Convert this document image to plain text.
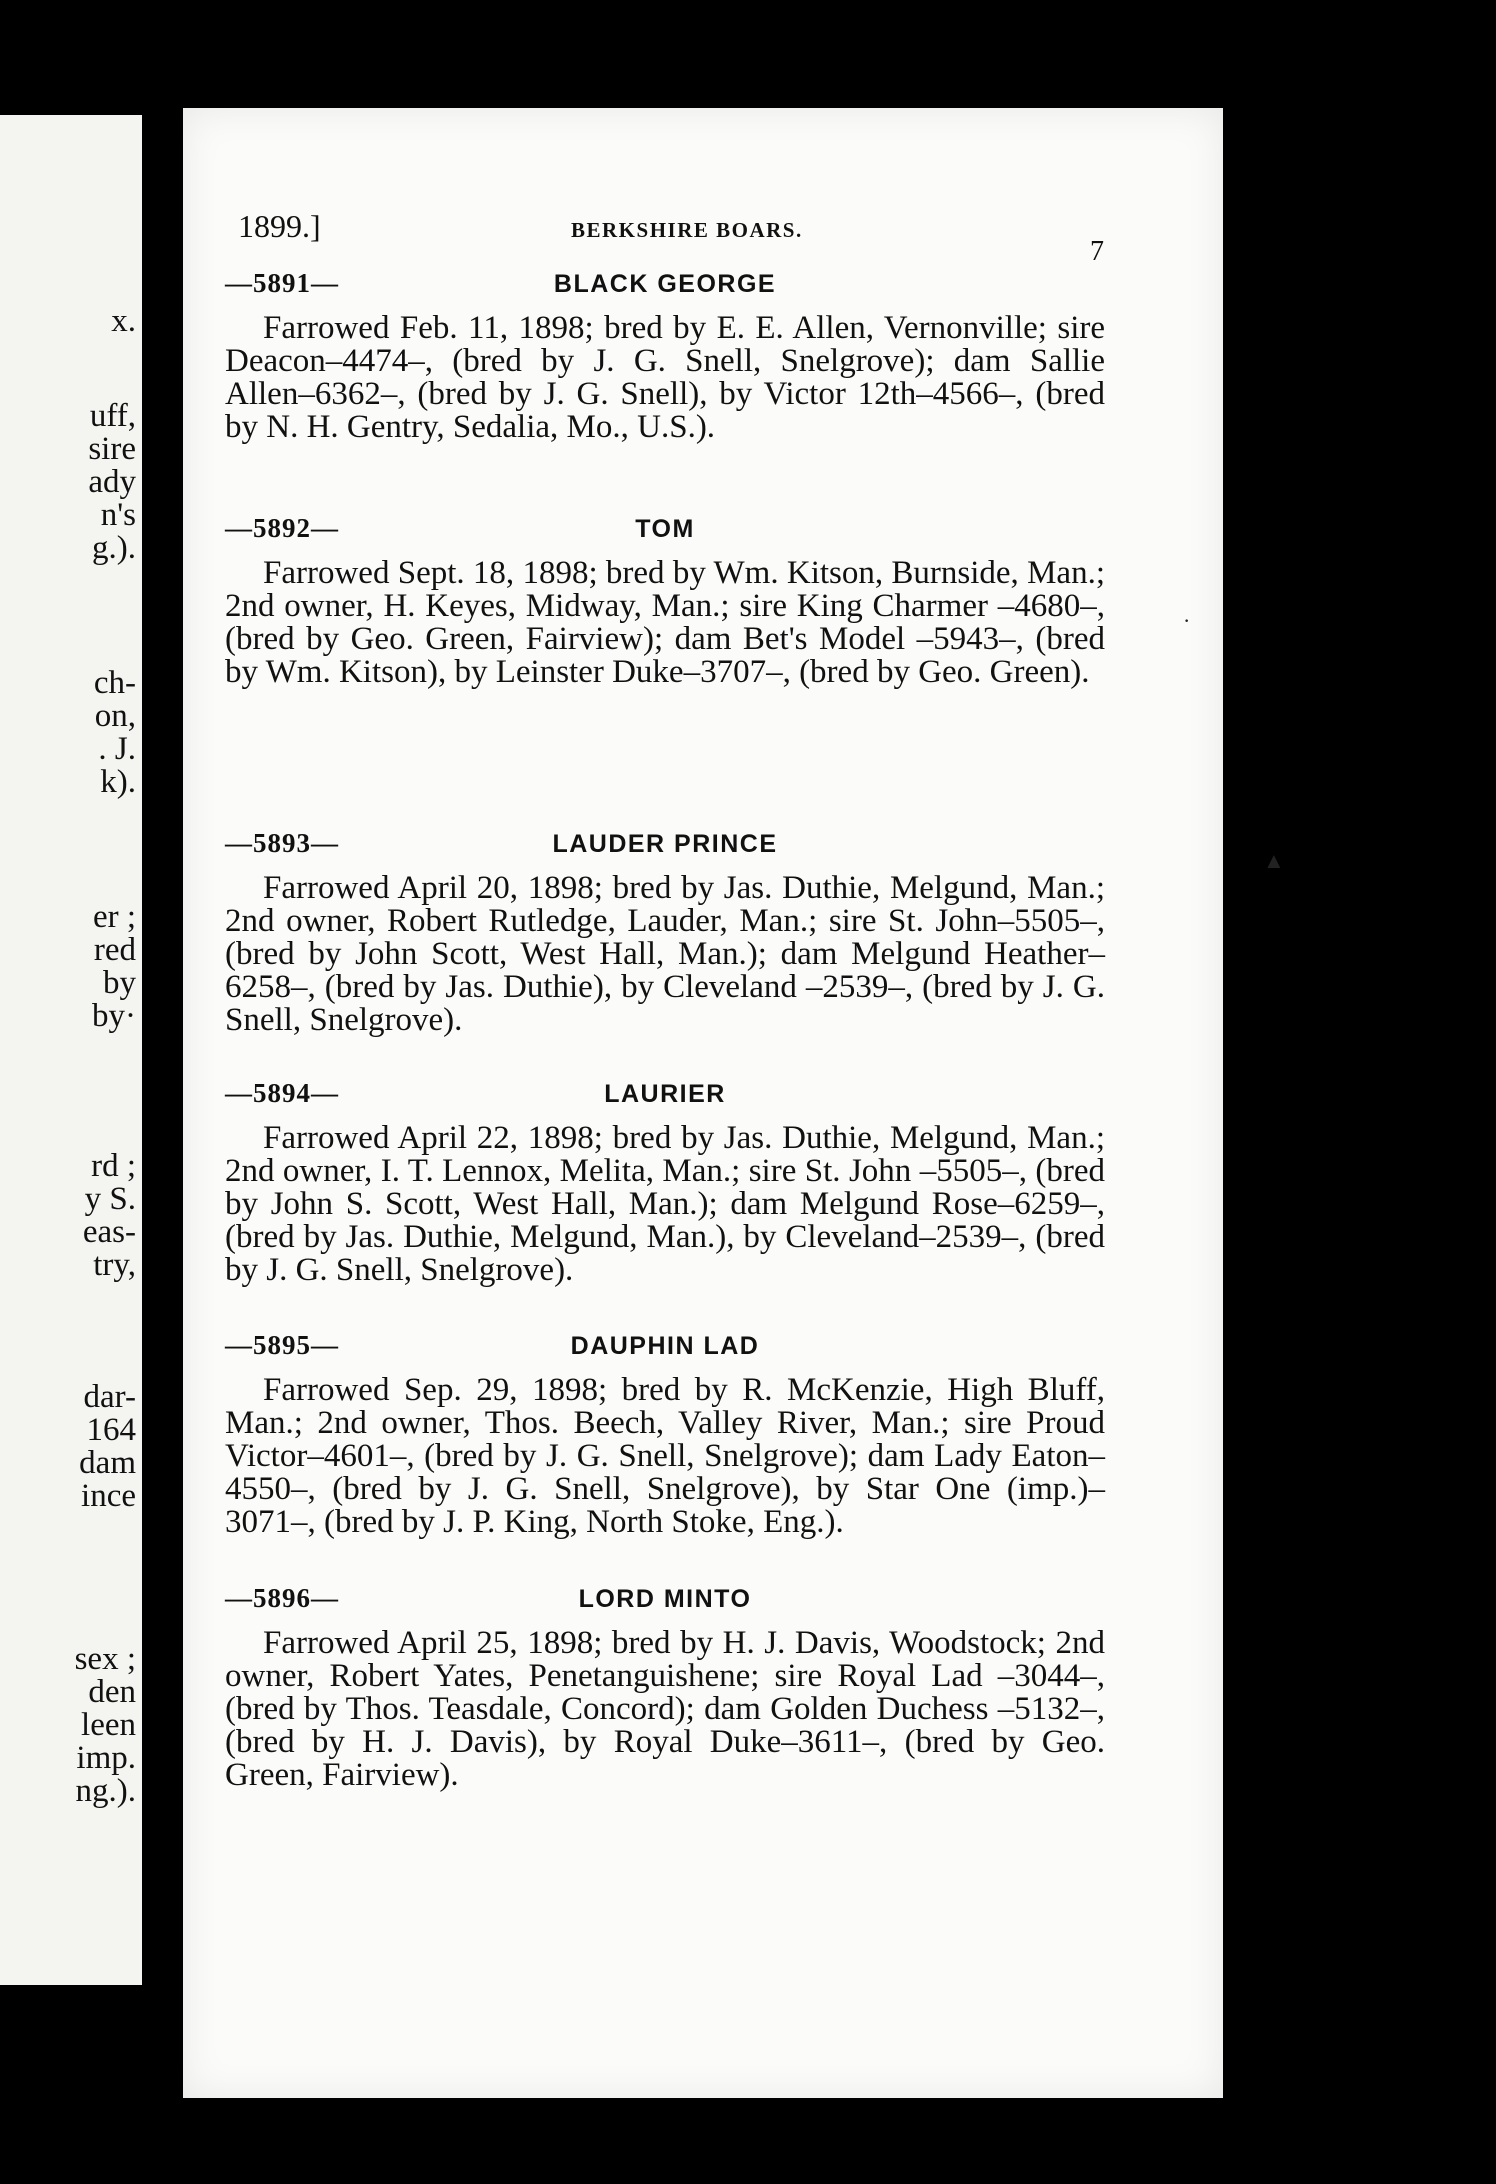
x.
uff,
sire
ady
n's
g.).
ch-
on,
. J.
k).
er ;
red
by
by·
rd ;
y S.
eas-
try,
dar-
164
dam
ince
sex ;
den
leen
imp.
ng.).
1899.]	BERKSHIRE BOARS.
7
—5891—	BLACK GEORGE
Farrowed Feb. 11, 1898; bred by E. E. Allen, Vernonville; sire Deacon–4474–, (bred by J. G. Snell, Snelgrove); dam Sallie Allen–6362–, (bred by J. G. Snell), by Victor 12th–4566–, (bred by N. H. Gentry, Sedalia, Mo., U.S.).
—5892—	TOM
Farrowed Sept. 18, 1898; bred by Wm. Kitson, Burnside, Man.; 2nd owner, H. Keyes, Midway, Man.; sire King Charmer –4680–, (bred by Geo. Green, Fairview); dam Bet's Model –5943–, (bred by Wm. Kitson), by Leinster Duke–3707–, (bred by Geo. Green).
—5893—	LAUDER PRINCE
Farrowed April 20, 1898; bred by Jas. Duthie, Melgund, Man.; 2nd owner, Robert Rutledge, Lauder, Man.; sire St. John–5505–, (bred by John Scott, West Hall, Man.); dam Melgund Heather–6258–, (bred by Jas. Duthie), by Cleveland –2539–, (bred by J. G. Snell, Snelgrove).
—5894—	LAURIER
Farrowed April 22, 1898; bred by Jas. Duthie, Melgund, Man.; 2nd owner, I. T. Lennox, Melita, Man.; sire St. John –5505–, (bred by John S. Scott, West Hall, Man.); dam Melgund Rose–6259–, (bred by Jas. Duthie, Melgund, Man.), by Cleveland–2539–, (bred by J. G. Snell, Snelgrove).
—5895—	DAUPHIN LAD
Farrowed Sep. 29, 1898; bred by R. McKenzie, High Bluff, Man.; 2nd owner, Thos. Beech, Valley River, Man.; sire Proud Victor–4601–, (bred by J. G. Snell, Snelgrove); dam Lady Eaton–4550–, (bred by J. G. Snell, Snelgrove), by Star One (imp.)–3071–, (bred by J. P. King, North Stoke, Eng.).
—5896—	LORD MINTO
Farrowed April 25, 1898; bred by H. J. Davis, Woodstock; 2nd owner, Robert Yates, Penetanguishene; sire Royal Lad –3044–,(bred by Thos. Teasdale, Concord); dam Golden Duchess –5132–, (bred by H. J. Davis), by Royal Duke–3611–, (bred by Geo. Green, Fairview).
▲
·
